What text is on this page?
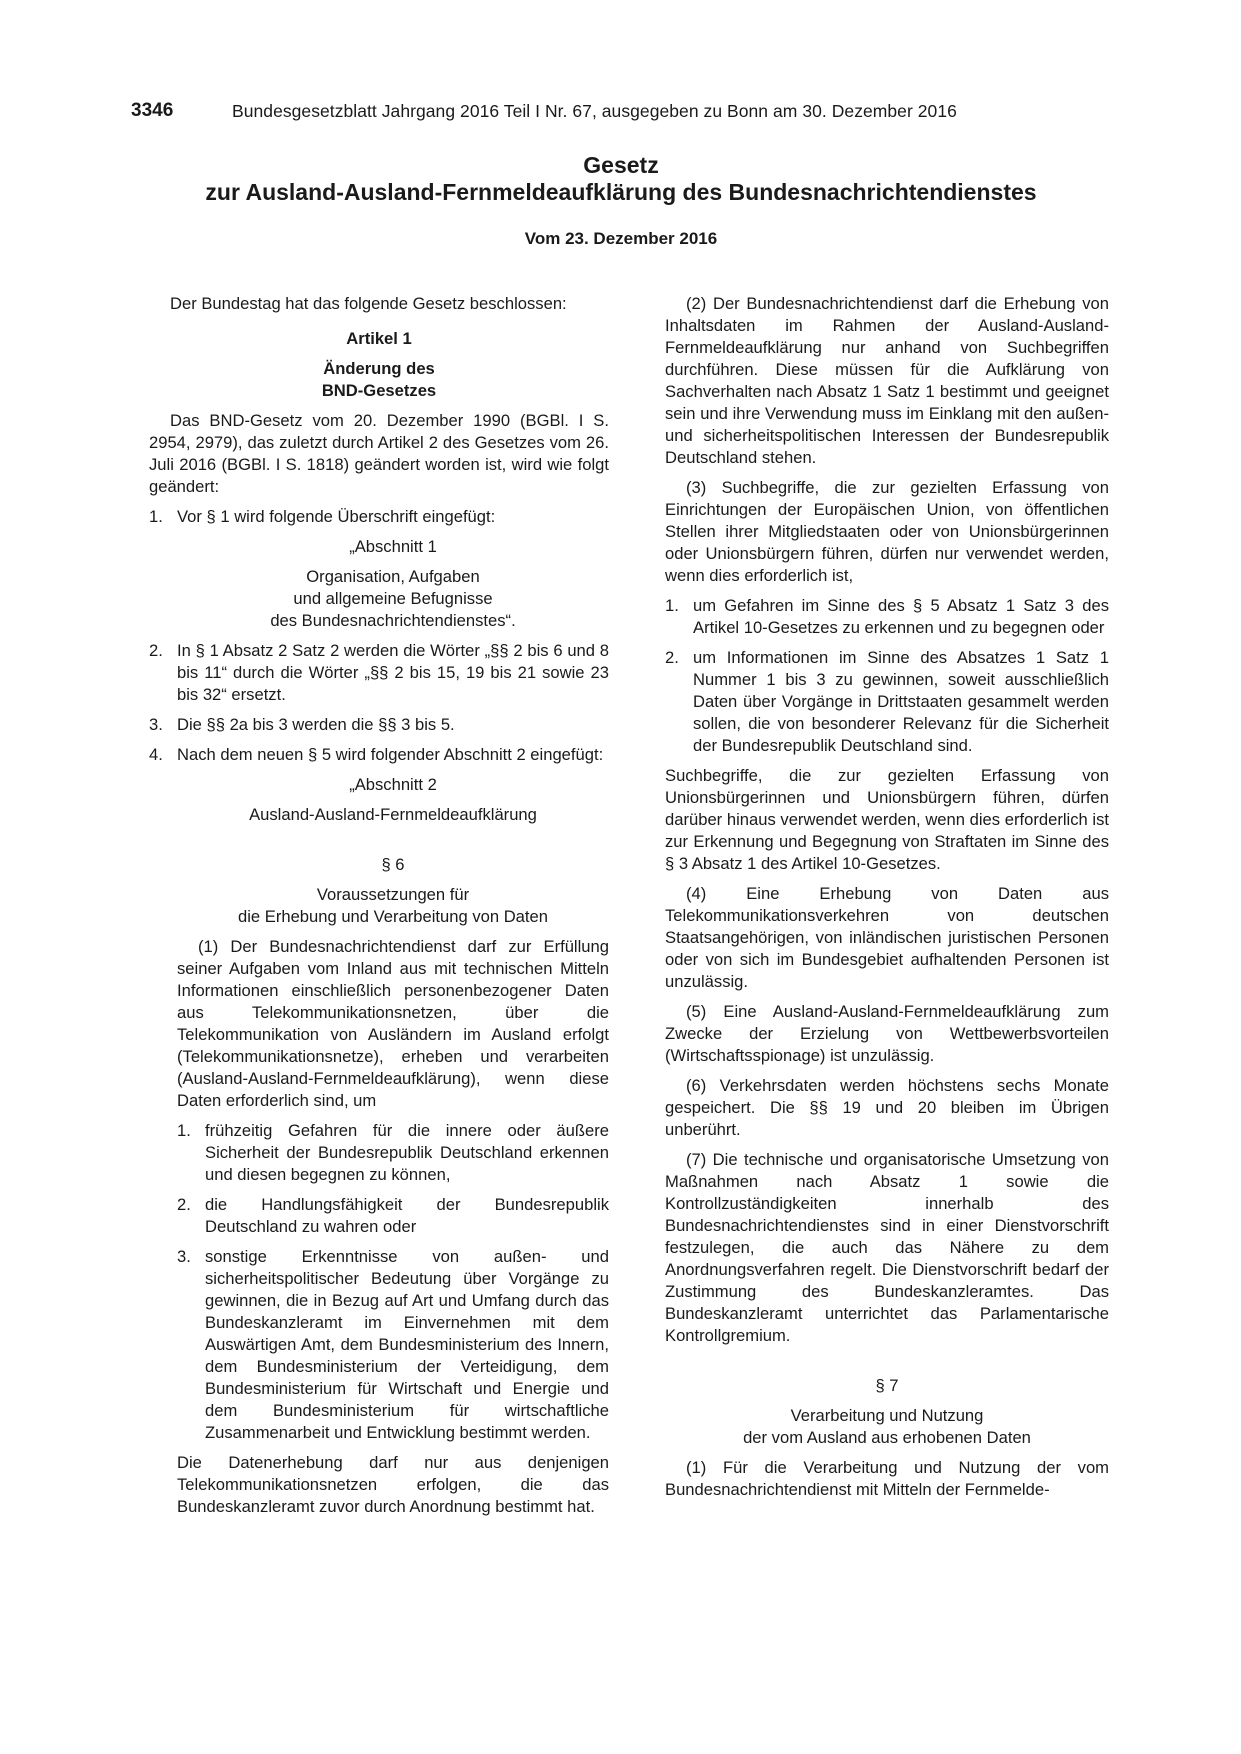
3346	Bundesgesetzblatt Jahrgang 2016 Teil I Nr. 67, ausgegeben zu Bonn am 30. Dezember 2016
Gesetz
zur Ausland-Ausland-Fernmeldeaufklärung des Bundesnachrichtendienstes
Vom 23. Dezember 2016

Der Bundestag hat das folgende Gesetz beschlossen:

Artikel 1
Änderung des
BND-Gesetzes

Das BND-Gesetz vom 20. Dezember 1990 (BGBl. I S. 2954, 2979), das zuletzt durch Artikel 2 des Gesetzes vom 26. Juli 2016 (BGBl. I S. 1818) geändert worden ist, wird wie folgt geändert:

1. Vor § 1 wird folgende Überschrift eingefügt:
„Abschnitt 1
Organisation, Aufgaben
und allgemeine Befugnisse
des Bundesnachrichtendienstes“.
2. In § 1 Absatz 2 Satz 2 werden die Wörter „§§ 2 bis 6 und 8 bis 11“ durch die Wörter „§§ 2 bis 15, 19 bis 21 sowie 23 bis 32“ ersetzt.
3. Die §§ 2a bis 3 werden die §§ 3 bis 5.
4. Nach dem neuen § 5 wird folgender Abschnitt 2 eingefügt:
„Abschnitt 2
Ausland-Ausland-Fernmeldeaufklärung
§ 6
Voraussetzungen für
die Erhebung und Verarbeitung von Daten

(1) Der Bundesnachrichtendienst darf zur Erfüllung seiner Aufgaben vom Inland aus mit technischen Mitteln Informationen einschließlich personenbezogener Daten aus Telekommunikationsnetzen, über die Telekommunikation von Ausländern im Ausland erfolgt (Telekommunikationsnetze), erheben und verarbeiten (Ausland-Ausland-Fernmeldeaufklärung), wenn diese Daten erforderlich sind, um

1. frühzeitig Gefahren für die innere oder äußere Sicherheit der Bundesrepublik Deutschland erkennen und diesen begegnen zu können,
2. die Handlungsfähigkeit der Bundesrepublik Deutschland zu wahren oder
3. sonstige Erkenntnisse von außen- und sicherheitspolitischer Bedeutung über Vorgänge zu gewinnen, die in Bezug auf Art und Umfang durch das Bundeskanzleramt im Einvernehmen mit dem Auswärtigen Amt, dem Bundesministerium des Innern, dem Bundesministerium der Verteidigung, dem Bundesministerium für Wirtschaft und Energie und dem Bundesministerium für wirtschaftliche Zusammenarbeit und Entwicklung bestimmt werden.

Die Datenerhebung darf nur aus denjenigen Telekommunikationsnetzen erfolgen, die das Bundeskanzleramt zuvor durch Anordnung bestimmt hat.

(2) Der Bundesnachrichtendienst darf die Erhebung von Inhaltsdaten im Rahmen der Ausland-Ausland-Fernmeldeaufklärung nur anhand von Suchbegriffen durchführen. Diese müssen für die Aufklärung von Sachverhalten nach Absatz 1 Satz 1 bestimmt und geeignet sein und ihre Verwendung muss im Einklang mit den außen- und sicherheitspolitischen Interessen der Bundesrepublik Deutschland stehen.

(3) Suchbegriffe, die zur gezielten Erfassung von Einrichtungen der Europäischen Union, von öffentlichen Stellen ihrer Mitgliedstaaten oder von Unionsbürgerinnen oder Unionsbürgern führen, dürfen nur verwendet werden, wenn dies erforderlich ist,

1. um Gefahren im Sinne des § 5 Absatz 1 Satz 3 des Artikel 10-Gesetzes zu erkennen und zu begegnen oder
2. um Informationen im Sinne des Absatzes 1 Satz 1 Nummer 1 bis 3 zu gewinnen, soweit ausschließlich Daten über Vorgänge in Drittstaaten gesammelt werden sollen, die von besonderer Relevanz für die Sicherheit der Bundesrepublik Deutschland sind.

Suchbegriffe, die zur gezielten Erfassung von Unionsbürgerinnen und Unionsbürgern führen, dürfen darüber hinaus verwendet werden, wenn dies erforderlich ist zur Erkennung und Begegnung von Straftaten im Sinne des § 3 Absatz 1 des Artikel 10-Gesetzes.

(4) Eine Erhebung von Daten aus Telekommunikationsverkehren von deutschen Staatsangehörigen, von inländischen juristischen Personen oder von sich im Bundesgebiet aufhaltenden Personen ist unzulässig.

(5) Eine Ausland-Ausland-Fernmeldeaufklärung zum Zwecke der Erzielung von Wettbewerbsvorteilen (Wirtschaftsspionage) ist unzulässig.

(6) Verkehrsdaten werden höchstens sechs Monate gespeichert. Die §§ 19 und 20 bleiben im Übrigen unberührt.

(7) Die technische und organisatorische Umsetzung von Maßnahmen nach Absatz 1 sowie die Kontrollzuständigkeiten innerhalb des Bundesnachrichtendienstes sind in einer Dienstvorschrift festzulegen, die auch das Nähere zu dem Anordnungsverfahren regelt. Die Dienstvorschrift bedarf der Zustimmung des Bundeskanzleramtes. Das Bundeskanzleramt unterrichtet das Parlamentarische Kontrollgremium.

§ 7
Verarbeitung und Nutzung
der vom Ausland aus erhobenen Daten

(1) Für die Verarbeitung und Nutzung der vom Bundesnachrichtendienst mit Mitteln der Fernmelde-
